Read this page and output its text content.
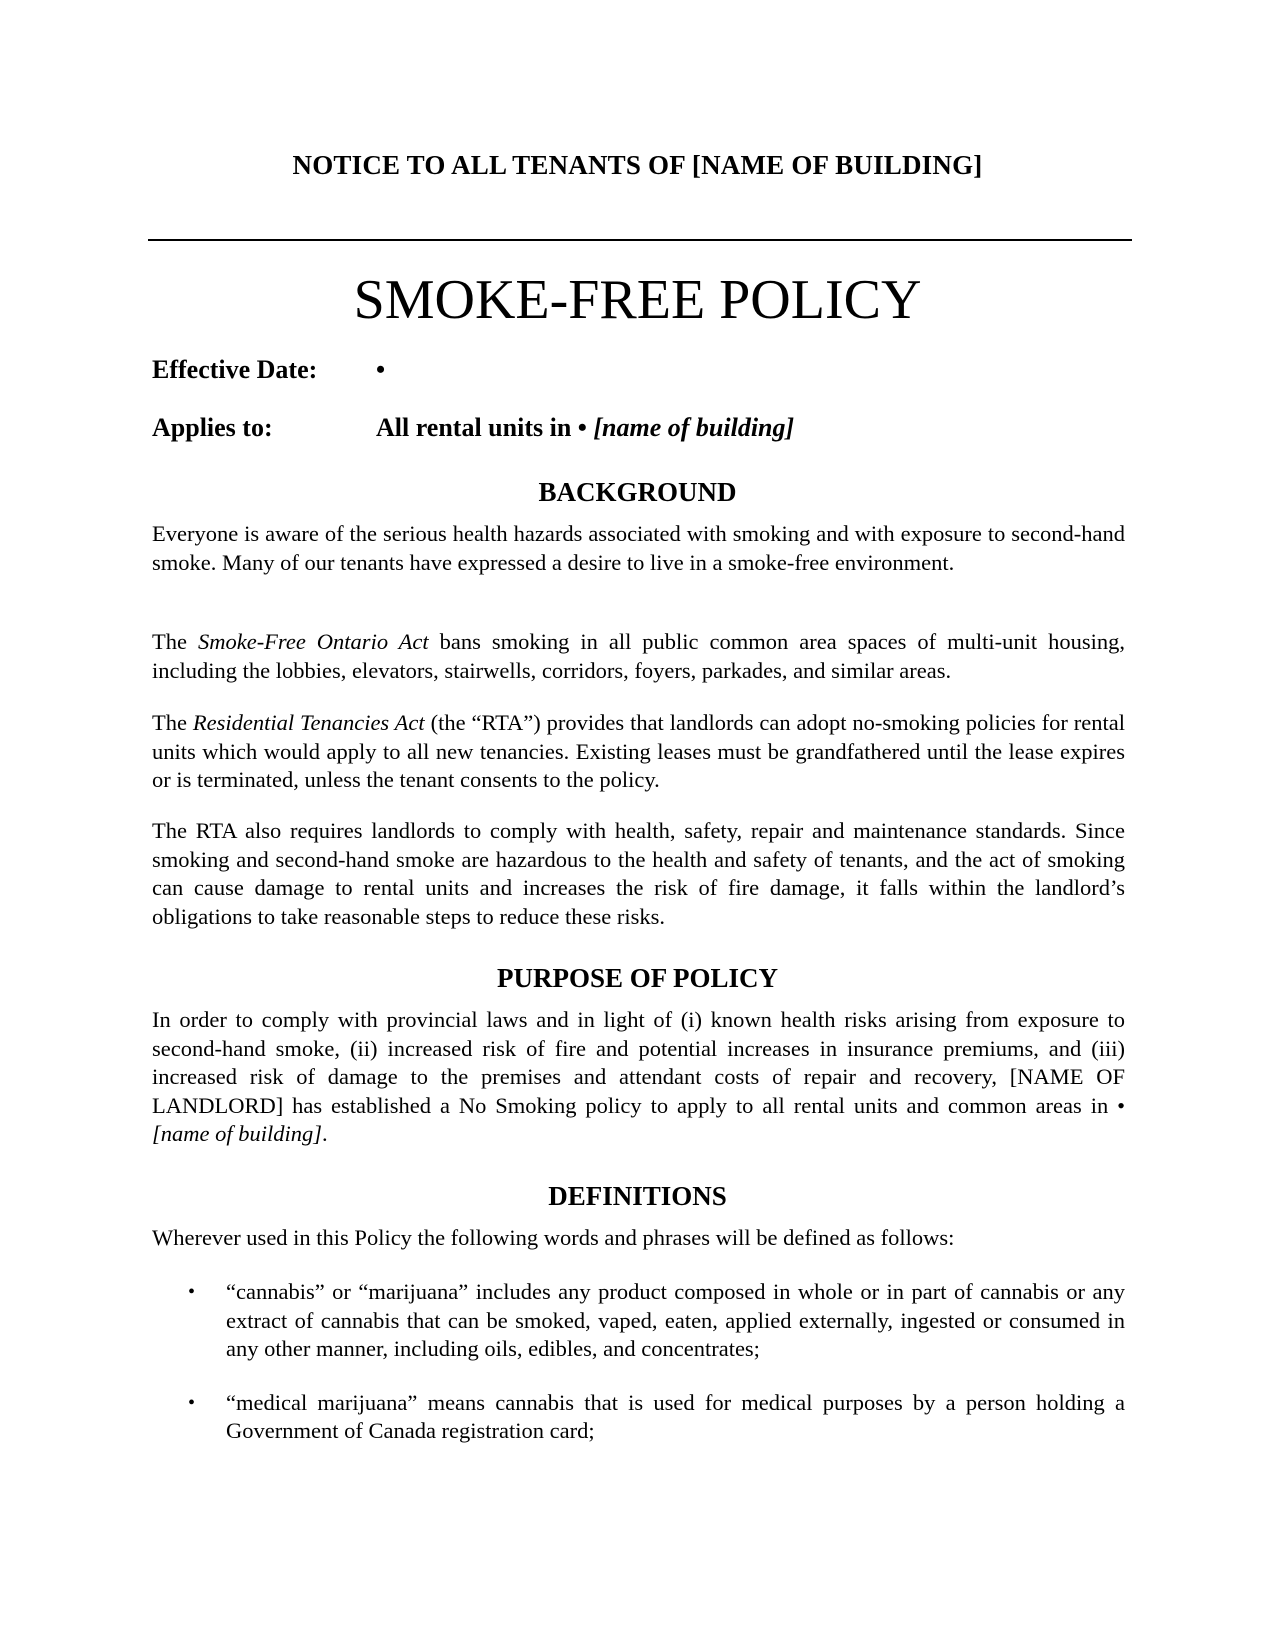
NOTICE TO ALL TENANTS OF [NAME OF BUILDING]
SMOKE-FREE POLICY
Effective Date: •
Applies to:	All rental units in • [name of building]
BACKGROUND

Everyone is aware of the serious health hazards associated with smoking and with exposure to second-hand smoke. Many of our tenants have expressed a desire to live in a smoke-free environment.

The Smoke-Free Ontario Act bans smoking in all public common area spaces of multi-unit housing, including the lobbies, elevators, stairwells, corridors, foyers, parkades, and similar areas.

The Residential Tenancies Act (the “RTA”) provides that landlords can adopt no-smoking policies for rental units which would apply to all new tenancies. Existing leases must be grandfathered until the lease expires or is terminated, unless the tenant consents to the policy.

The RTA also requires landlords to comply with health, safety, repair and maintenance standards. Since smoking and second-hand smoke are hazardous to the health and safety of tenants, and the act of smoking can cause damage to rental units and increases the risk of fire damage, it falls within the landlord’s obligations to take reasonable steps to reduce these risks.

PURPOSE OF POLICY

In order to comply with provincial laws and in light of (i) known health risks arising from exposure to second-hand smoke, (ii) increased risk of fire and potential increases in insurance premiums, and (iii) increased risk of damage to the premises and attendant costs of repair and recovery, [NAME OF LANDLORD] has established a No Smoking policy to apply to all rental units and common areas in • [name of building].

DEFINITIONS

Wherever used in this Policy the following words and phrases will be defined as follows:

• “cannabis” or “marijuana” includes any product composed in whole or in part of cannabis or any extract of cannabis that can be smoked, vaped, eaten, applied externally, ingested or consumed in any other manner, including oils, edibles, and concentrates;
• “medical marijuana” means cannabis that is used for medical purposes by a person holding a Government of Canada registration card;
